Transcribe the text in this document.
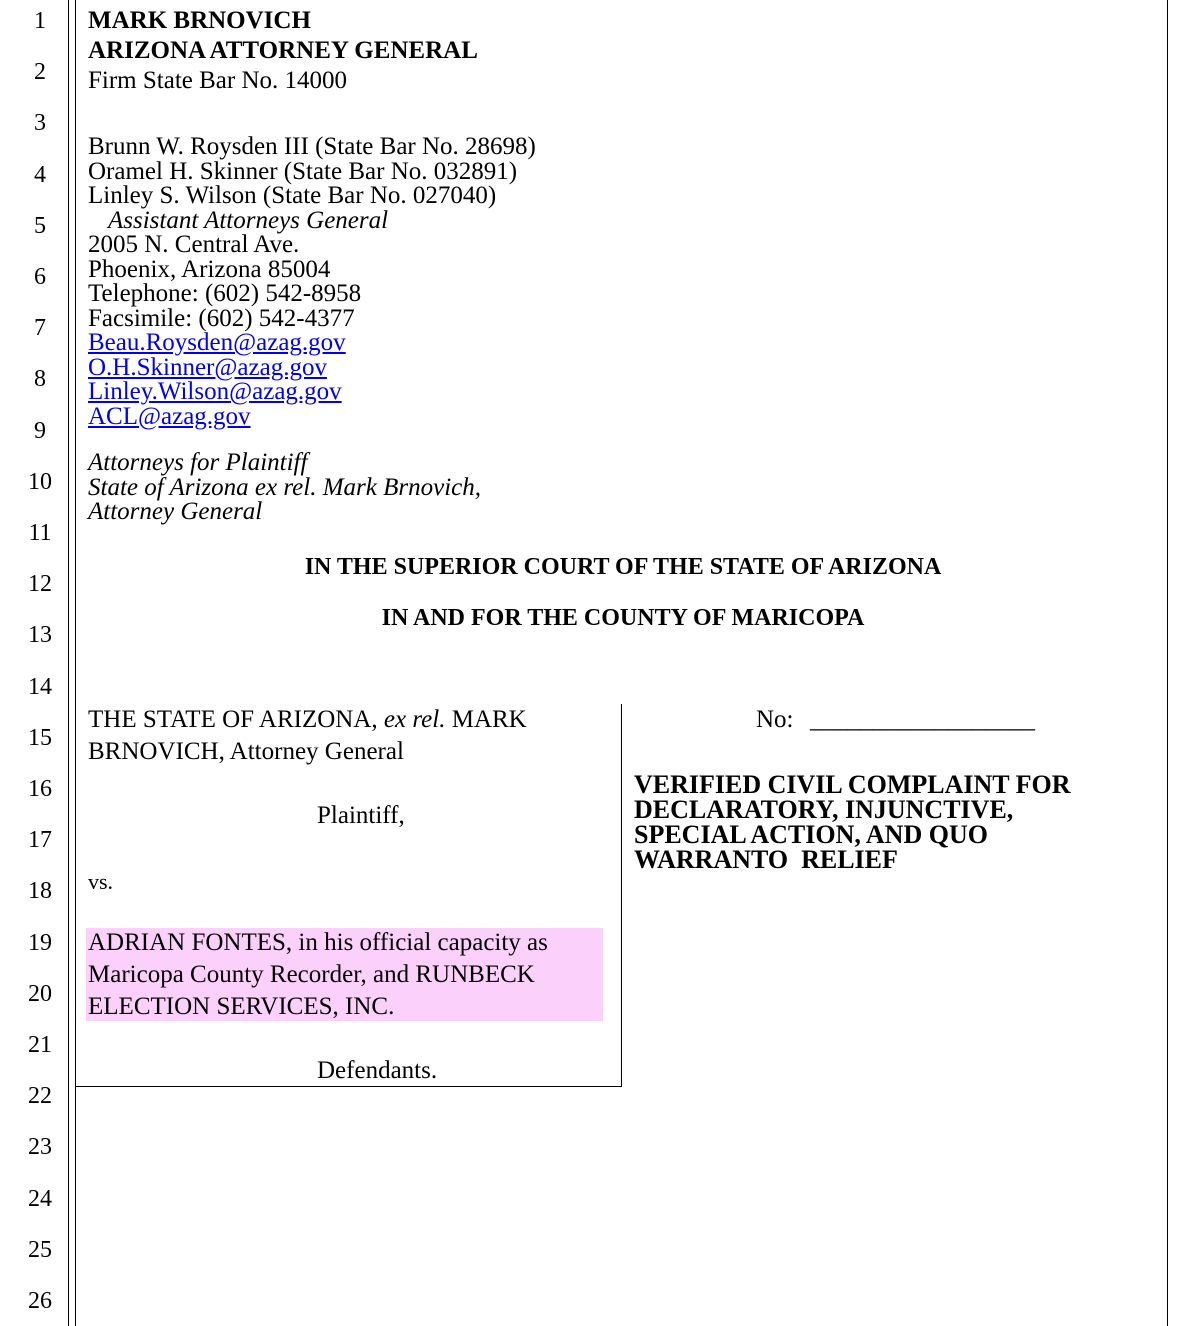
1
2
3
4
5
6
7
8
9
10
11
12
13
14
15
16
17
18
19
20
21
22
23
24
25
26
MARK BRNOVICH
ARIZONA ATTORNEY GENERAL
Firm State Bar No. 14000
Brunn W. Roysden III (State Bar No. 28698)
Oramel H. Skinner (State Bar No. 032891)
Linley S. Wilson (State Bar No. 027040)
Assistant Attorneys General
2005 N. Central Ave.
Phoenix, Arizona 85004
Telephone: (602) 542-8958
Facsimile: (602) 542-4377
Beau.Roysden@azag.gov
O.H.Skinner@azag.gov
Linley.Wilson@azag.gov
ACL@azag.gov
Attorneys for Plaintiff
State of Arizona ex rel. Mark Brnovich,
Attorney General
IN THE SUPERIOR COURT OF THE STATE OF ARIZONA
IN AND FOR THE COUNTY OF MARICOPA
THE STATE OF ARIZONA, ex rel. MARK
BRNOVICH, Attorney General
Plaintiff,
vs.
ADRIAN FONTES, in his official capacity as
Maricopa County Recorder, and RUNBECK
ELECTION SERVICES, INC.
Defendants.
No: __________________
VERIFIED CIVIL COMPLAINT FOR
DECLARATORY, INJUNCTIVE,
SPECIAL ACTION, AND QUO
WARRANTO  RELIEF
